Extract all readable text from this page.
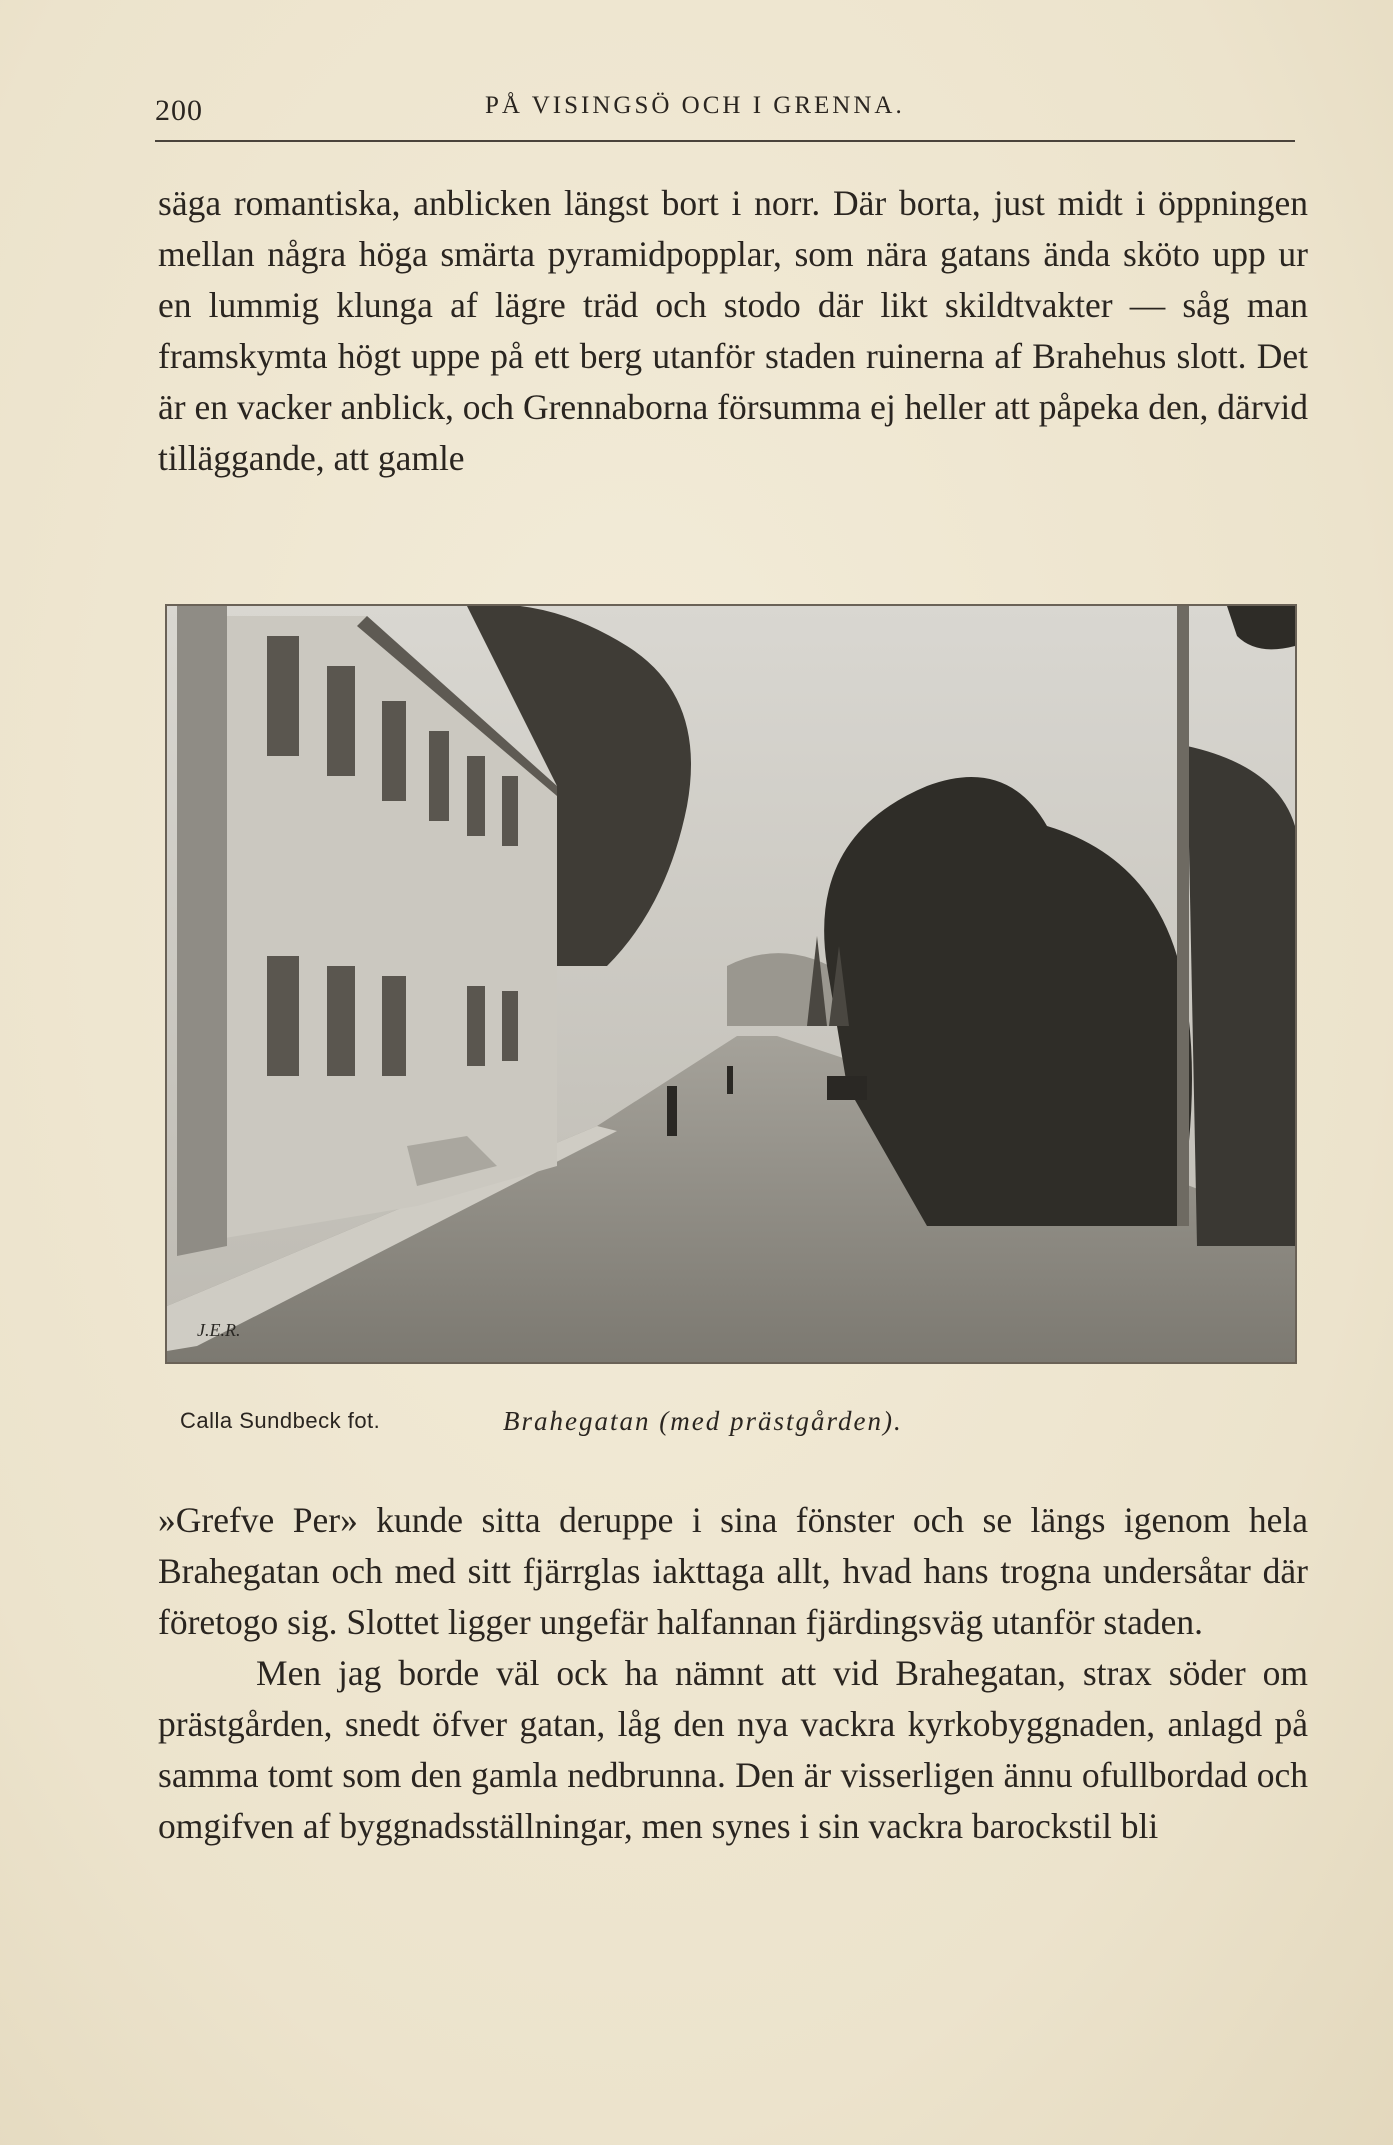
200	PÅ VISINGSÖ OCH I GRENNA.

säga romantiska, anblicken längst bort i norr. Där borta, just midt i öppningen mellan några höga smärta pyramidpopplar, som nära gatans ända sköto upp ur en lummig klunga af lägre träd och stodo där likt skildtvakter — såg man framskymta högt uppe på ett berg utanför staden ruinerna af Brahehus slott. Det är en vacker anblick, och Grennaborna försumma ej heller att påpeka den, därvid tilläggande, att gamle

J.E.R.
Calla Sundbeck fot.	Brahegatan (med prästgården).

»Grefve Per» kunde sitta deruppe i sina fönster och se längs igenom hela Brahegatan och med sitt fjärrglas iakttaga allt, hvad hans trogna undersåtar där företogo sig. Slottet ligger ungefär halfannan fjärdingsväg utanför staden.

Men jag borde väl ock ha nämnt att vid Brahegatan, strax söder om prästgården, snedt öfver gatan, låg den nya vackra kyrkobyggnaden, anlagd på samma tomt som den gamla nedbrunna. Den är visserligen ännu ofullbordad och omgifven af byggnadsställningar, men synes i sin vackra barockstil bli
